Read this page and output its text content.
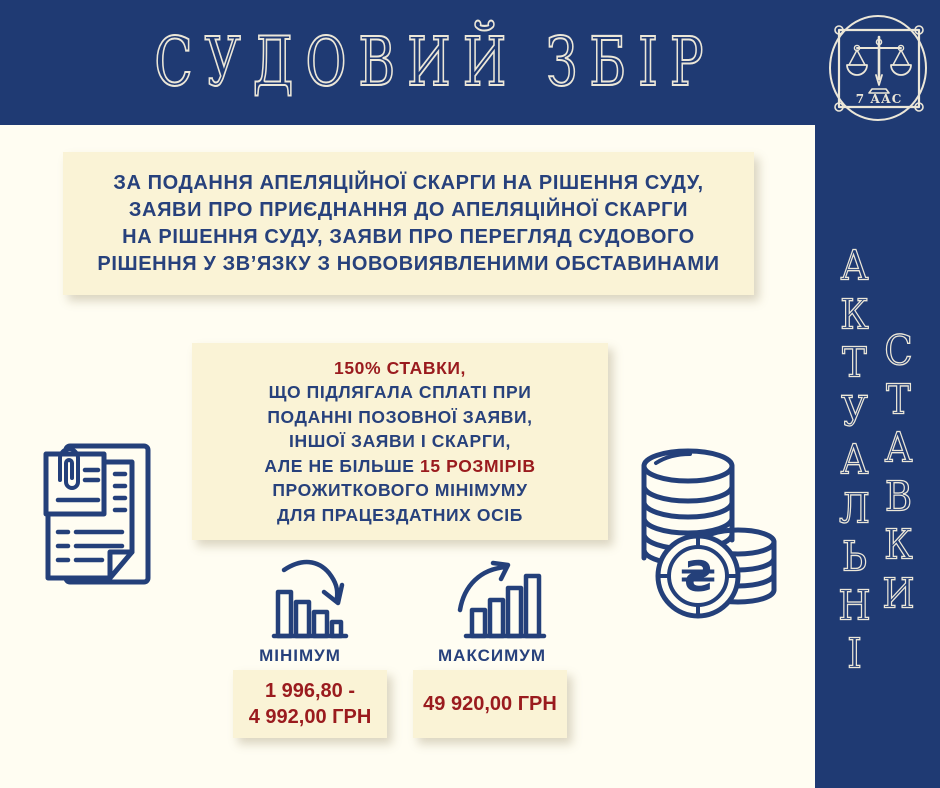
СУДОВИЙ ЗБІР	7 ААС
А
К
Т
У
А
Л
Ь
Н
І
С
Т
А
В
К
И
ЗА ПОДАННЯ АПЕЛЯЦІЙНОЇ СКАРГИ НА РІШЕННЯ СУДУ,
ЗАЯВИ ПРО ПРИЄДНАННЯ ДО АПЕЛЯЦІЙНОЇ СКАРГИ
НА РІШЕННЯ СУДУ, ЗАЯВИ ПРО ПЕРЕГЛЯД СУДОВОГО
РІШЕННЯ У ЗВ’ЯЗКУ З НОВОВИЯВЛЕНИМИ ОБСТАВИНАМИ
150% СТАВКИ,
ЩО ПІДЛЯГАЛА СПЛАТІ ПРИ
ПОДАННІ ПОЗОВНОЇ ЗАЯВИ,
ІНШОЇ ЗАЯВИ І СКАРГИ,
АЛЕ НЕ БІЛЬШЕ 15 РОЗМІРІВ
ПРОЖИТКОВОГО МІНІМУМУ
ДЛЯ ПРАЦЕЗДАТНИХ ОСІБ
₴
МІНІМУМ
1 996,80 -
4 992,00 ГРН
МАКСИМУМ
49 920,00 ГРН
